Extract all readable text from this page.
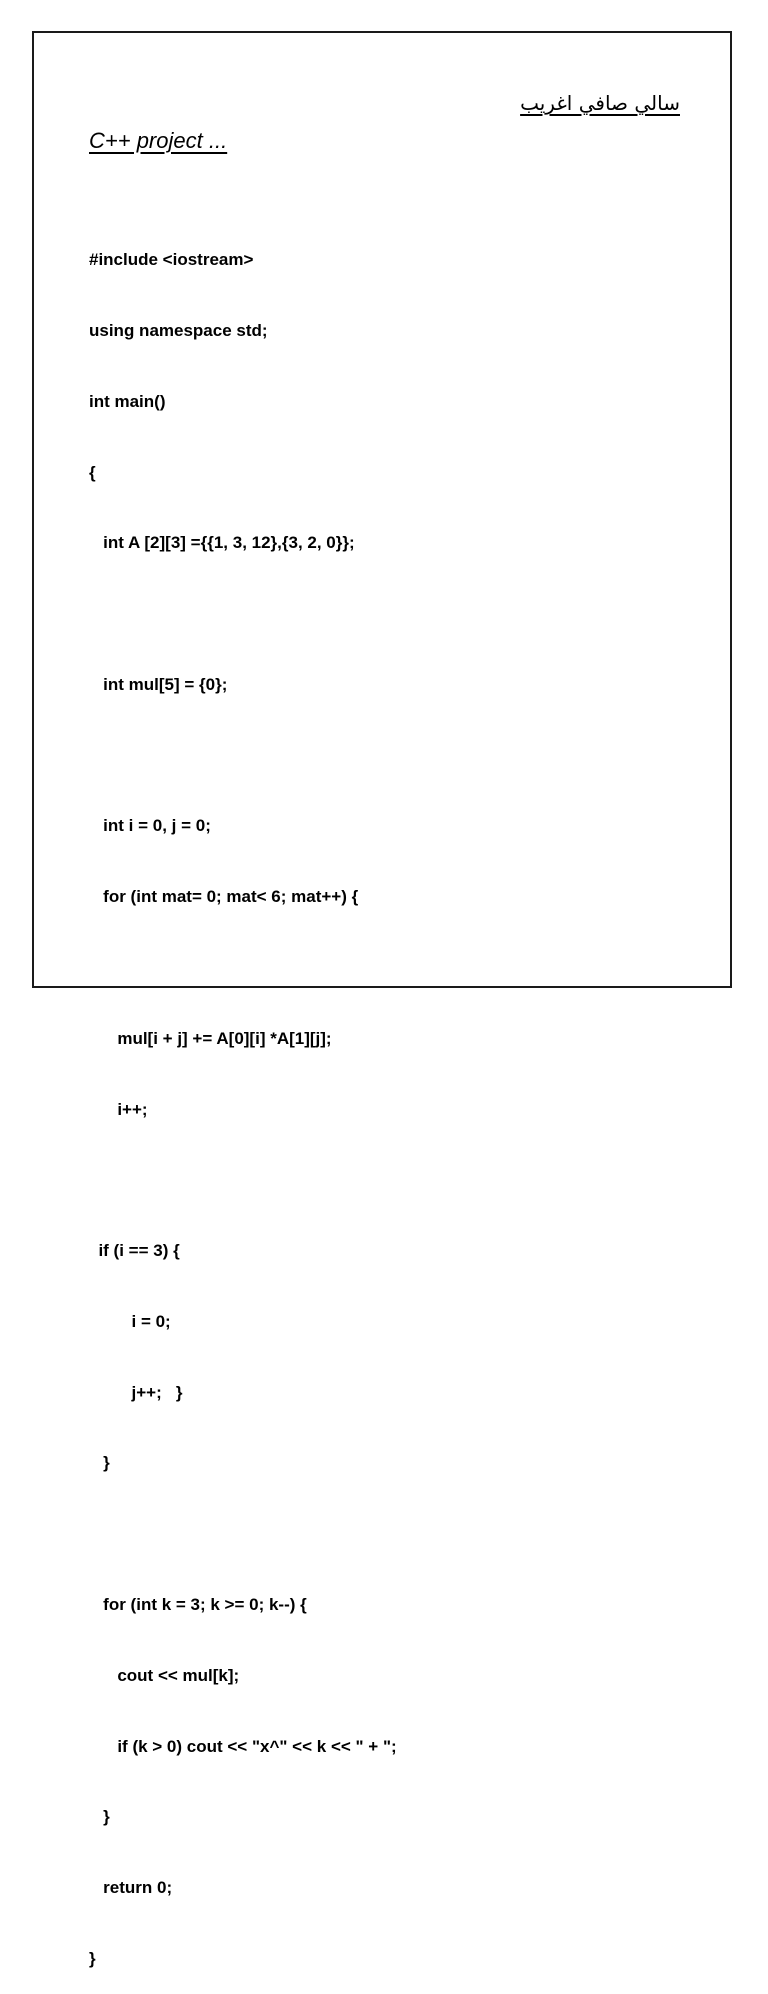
سالي صافي اغريب
C++ project ...

#include <iostream>

using namespace std;

int main()

{

int A [2][3] ={{1, 3, 12},{3, 2, 0}};

int mul[5] = {0};

int i = 0, j = 0;

for (int mat= 0; mat< 6; mat++) {

mul[i + j] += A[0][i] *A[1][j];

i++;

if (i == 3) {

i = 0;

j++;   }

}

for (int k = 3; k >= 0; k--) {

cout << mul[k];

if (k > 0) cout << "x^" << k << " + ";

}

return 0;

}
